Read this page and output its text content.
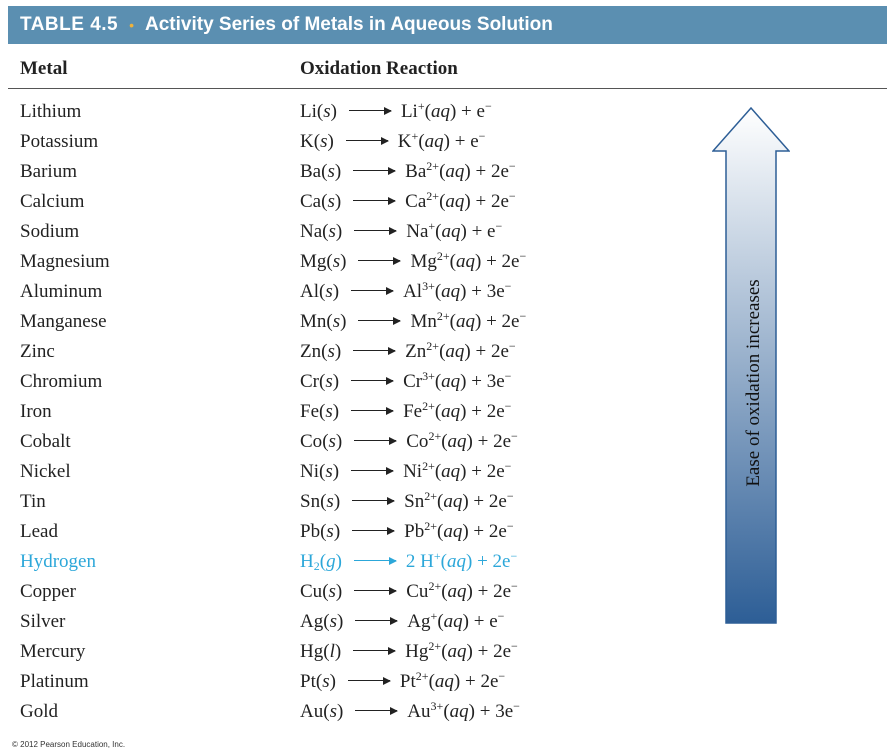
TABLE 4.5 • Activity Series of Metals in Aqueous Solution
Metal	Oxidation Reaction
Lithium	Li(s) → Li+(aq) + e−
Potassium	K(s) → K+(aq) + e−
Barium	$Ba(s) \to Ba^{2+}(aq) + 2e^-$
Calcium	$Ca(s) \to Ca^{2+}(aq) + 2e^-$
Sodium	Na(s) → Na+(aq) + e−
Magnesium	$Mg(s) \to Mg^{2+}(aq) + 2e^-$
Aluminum	$Al(s) \to Al^{3+}(aq) + 3e^-$
Manganese	$Mn(s) \to Mn^{2+}(aq) + 2e^-$
Zinc	$Zn(s) \to Zn^{2+}(aq) + 2e^-$
Chromium	$Cr(s) \to Cr^{3+}(aq) + 3e^-$
Iron	$Fe(s) \to Fe^{2+}(aq) + 2e^-$
Cobalt	$Co(s) \to Co^{2+}(aq) + 2e^-$
Nickel	$Ni(s) \to Ni^{2+}(aq) + 2e^-$
Tin	$Sn(s) \to Sn^{2+}(aq) + 2e^-$
Lead	$Pb(s) \to Pb^{2+}(aq) + 2e^-$
Hydrogen	$H_2(g) \to 2$ H+(aq) + 2e−
Copper	$Cu(s) \to Cu^{2+}(aq) + 2e^-$
Silver	Ag(s) → Ag+(aq) + e−
Mercury	$Hg(l) \to Hg^{2+}(aq) + 2e^-$
Platinum	$Pt(s) \to Pt^{2+}(aq) + 2e^-$
Gold	$Au(s) \to Au^{3+}(aq) + 3e^-$
Ease of oxidation increases
© 2012 Pearson Education, Inc.
